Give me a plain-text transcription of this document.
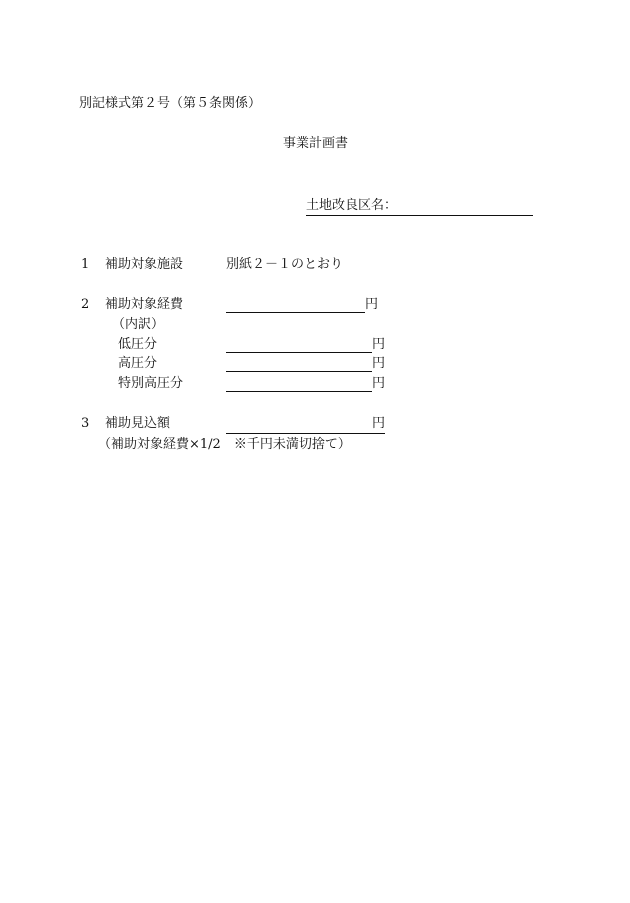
別記様式第２号（第５条関係）
事業計画書
土地改良区名：
1 補助対象施設	別紙２－１のとおり
2 補助対象経費	円
（内訳）
低圧分	円
高圧分	円
特別高圧分	円
3 補助見込額	円
（補助対象経費×1/2　※千円未満切捨て）
